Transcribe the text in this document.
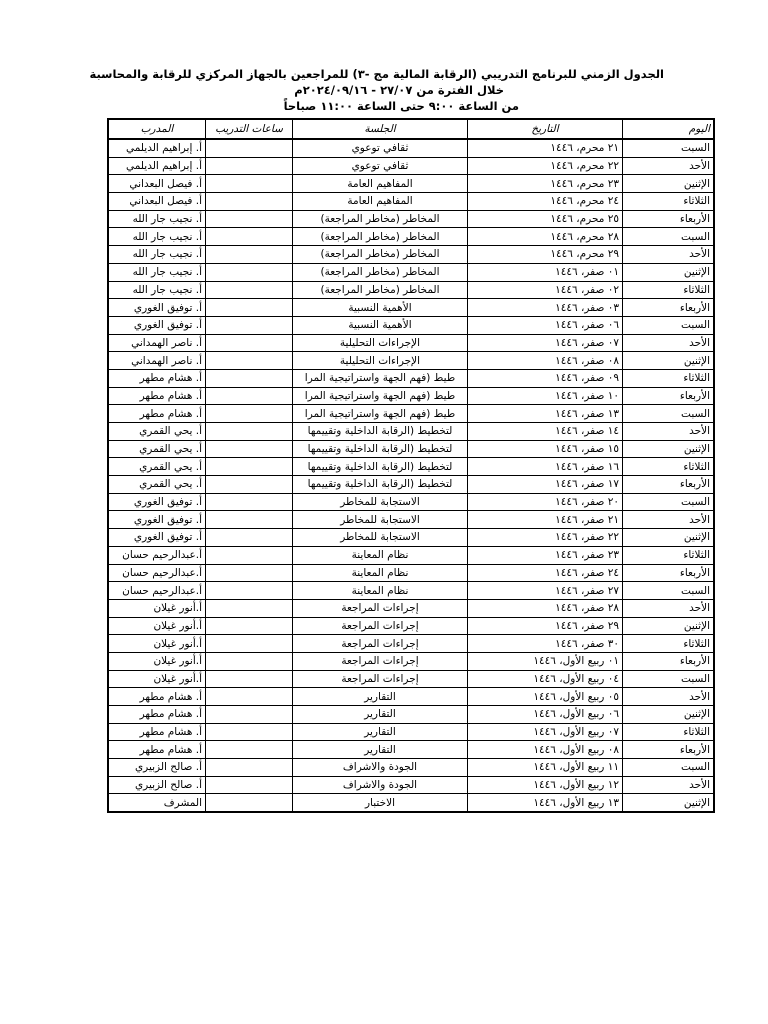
الجدول الزمني للبرنامج التدريبي (الرقابة المالية مج -٣) للمراجعين بالجهاز المركزي للرقابة والمحاسبة
خلال الفترة من ٢٧/٠٧ - ٢٠٢٤/٠٩/١٦م
من الساعة ٩:٠٠ حتى الساعة ١١:٠٠ صباحاً
اليوم	التاريخ	الجلسة	ساعات التدريب	المدرب
السبت	٢١ محرم، ١٤٤٦	ثقافي توعوي		أ. إبراهيم الديلمي
الأحد	٢٢ محرم، ١٤٤٦	ثقافي توعوي		أ. إبراهيم الديلمي
الإثنين	٢٣ محرم، ١٤٤٦	المفاهيم العامة		أ. فيصل البعداني
الثلاثاء	٢٤ محرم، ١٤٤٦	المفاهيم العامة		أ. فيصل البعداني
الأربعاء	٢٥ محرم، ١٤٤٦	المخاطر (مخاطر المراجعة)		أ. نجيب جار الله
السبت	٢٨ محرم، ١٤٤٦	المخاطر (مخاطر المراجعة)		أ. نجيب جار الله
الأحد	٢٩ محرم، ١٤٤٦	المخاطر (مخاطر المراجعة)		أ. نجيب جار الله
الإثنين	٠١ صفر، ١٤٤٦	المخاطر (مخاطر المراجعة)		أ. نجيب جار الله
الثلاثاء	٠٢ صفر، ١٤٤٦	المخاطر (مخاطر المراجعة)		أ. نجيب جار الله
الأربعاء	٠٣ صفر، ١٤٤٦	الأهمية النسبية		أ. توفيق الغوري
السبت	٠٦ صفر، ١٤٤٦	الأهمية النسبية		أ. توفيق الغوري
الأحد	٠٧ صفر، ١٤٤٦	الإجراءات التحليلية		أ. ناصر الهمداني
الإثنين	٠٨ صفر، ١٤٤٦	الإجراءات التحليلية		أ. ناصر الهمداني
الثلاثاء	٠٩ صفر، ١٤٤٦	طيط (فهم الجهة واستراتيجية المرا		أ. هشام مطهر
الأربعاء	١٠ صفر، ١٤٤٦	طيط (فهم الجهة واستراتيجية المرا		أ. هشام مطهر
السبت	١٣ صفر، ١٤٤٦	طيط (فهم الجهة واستراتيجية المرا		أ. هشام مطهر
الأحد	١٤ صفر، ١٤٤٦	لتخطيط (الرقابة الداخلية وتقييمها		أ. يحي القمري
الإثنين	١٥ صفر، ١٤٤٦	لتخطيط (الرقابة الداخلية وتقييمها		أ. يحي القمري
الثلاثاء	١٦ صفر، ١٤٤٦	لتخطيط (الرقابة الداخلية وتقييمها		أ. يحي القمري
الأربعاء	١٧ صفر، ١٤٤٦	لتخطيط (الرقابة الداخلية وتقييمها		أ. يحي القمري
السبت	٢٠ صفر، ١٤٤٦	الاستجابة للمخاطر		أ. توفيق الغوري
الأحد	٢١ صفر، ١٤٤٦	الاستجابة للمخاطر		أ. توفيق الغوري
الإثنين	٢٢ صفر، ١٤٤٦	الاستجابة للمخاطر		أ. توفيق الغوري
الثلاثاء	٢٣ صفر، ١٤٤٦	نظام المعاينة		أ.عبدالرحيم حسان
الأربعاء	٢٤ صفر، ١٤٤٦	نظام المعاينة		أ.عبدالرحيم حسان
السبت	٢٧ صفر، ١٤٤٦	نظام المعاينة		أ.عبدالرحيم حسان
الأحد	٢٨ صفر، ١٤٤٦	إجراءات المراجعة		أ.أنور غيلان
الإثنين	٢٩ صفر، ١٤٤٦	إجراءات المراجعة		أ.أنور غيلان
الثلاثاء	٣٠ صفر، ١٤٤٦	إجراءات المراجعة		أ.أنور غيلان
الأربعاء	٠١ ربيع الأول، ١٤٤٦	إجراءات المراجعة		أ.أنور غيلان
السبت	٠٤ ربيع الأول، ١٤٤٦	إجراءات المراجعة		أ.أنور غيلان
الأحد	٠٥ ربيع الأول، ١٤٤٦	التقارير		أ. هشام مطهر
الإثنين	٠٦ ربيع الأول، ١٤٤٦	التقارير		أ. هشام مطهر
الثلاثاء	٠٧ ربيع الأول، ١٤٤٦	التقارير		أ. هشام مطهر
الأربعاء	٠٨ ربيع الأول، ١٤٤٦	التقارير		أ. هشام مطهر
السبت	١١ ربيع الأول، ١٤٤٦	الجودة والاشراف		أ. صالح الزبيري
الأحد	١٢ ربيع الأول، ١٤٤٦	الجودة والاشراف		أ. صالح الزبيري
الإثنين	١٣ ربيع الأول، ١٤٤٦	الاختبار		المشرف
